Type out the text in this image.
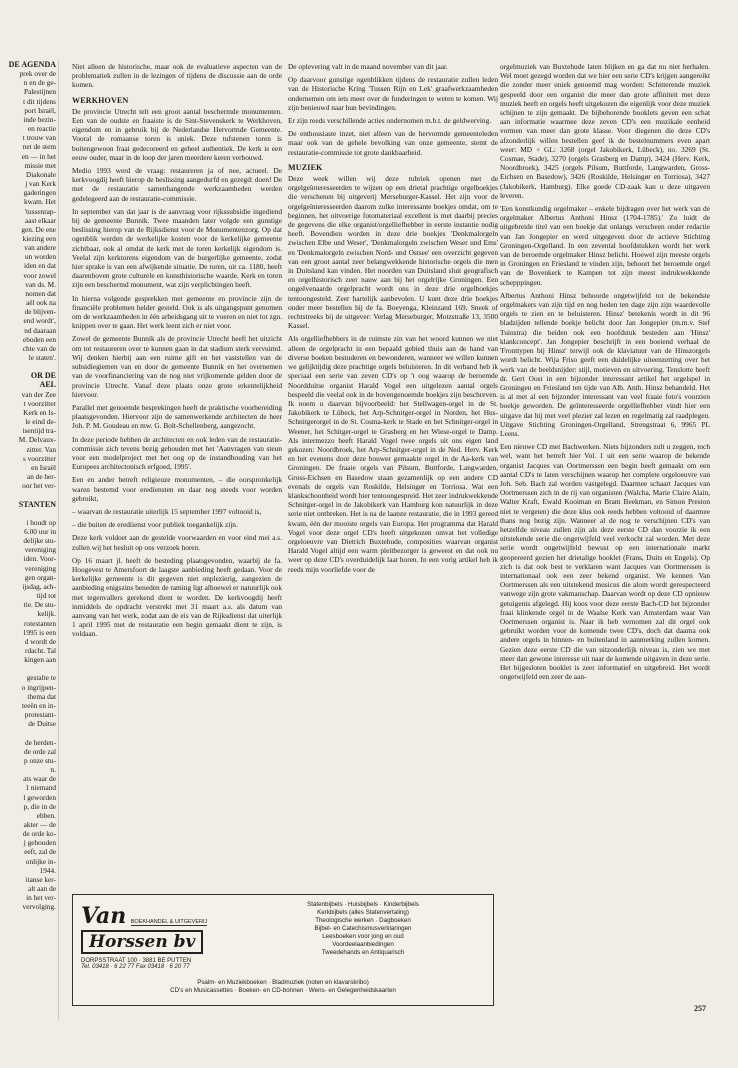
DE AGENDA
prek over de
n en de ge-
Palestijnen
t dit tijdens
port Israël,
inde bezin-
en reactie
t trouw van
net de stem
en — in het
missie met
Diakonale
j van Kerk
gaderingen
kwam. Het
'tussenrap-
aast elkaar
gen. De ene
kiezing een
van andere
un worden
iden en dat
voor zowel
van ds. M.
nomen dat
aël ook na
de blijven-
end wordt',
nd daaraan
eboden een
chte van de
le staten'.

OR DE
AEL
van der Zee
t voorzitter
Kerk en Is-
le eind de-
isentijd tra-
M. Delvaux-
zitter. Van
s voorzitter
en Israël
an de her-
oor het ver-

STANTEN

i houdt op
6.00 uur in
delijke stu-
vereniging
iden. Voor-
vereniging
gen organ-
ijsdag, ach-
tijd tot
tie. De stu-
kelijk.
rotestanten
1995 is een
d wordt de
rdacht. Tal
kingen aan

gestalte te
o ingrijpen-
thema dat
teeën en in-
protestant-
de Duitse

de herden-
de orde zal
p onze stu-
n.
ats waar de
1 niemand
l geworden
p, die in de
ebben.
akter — de
de orde ko-
j gehouden
eeft, zal de
onlijke in-
1944.
itanse ker-
alt aan de
in het ver-
vervolging.

Niet alleen de historische, maar ook de evaluatieve aspecten van de problematiek zullen in de lezingen of tijdens de discussie aan de orde komen.

WERKHOVEN

De provincie Utrecht telt een groot aantal beschermde monumenten. Een van de oudste en fraaiste is de Sint-Stevenskerk te Werkhoven, eigendom en in gebruik bij de Nederlandse Hervormde Gemeente. Vooral de romaanse toren is uniek. Deze tufstenen toren is buitengewoon fraai gedecoreerd en geheel authentiek. De kerk is een eeuw ouder, maar in de loop der jaren meerdere keren verbouwd.

Medio 1993 werd de vraag: restaureren ja of nee, actueel. De kerkvoogdij heeft hierop de beslissing aangedurfd en gezegd: doen! De met de restauratie samenhangende werkzaamheden werden gedelegeerd aan de restauratie-commissie.

In september van dat jaar is de aanvraag voor rijkssubsidie ingediend bij de gemeente Bunnik. Twee maanden later volgde een gunstige beslissing hierop van de Rijksdienst voor de Monumentenzorg. Op dat ogenblik werden de werkelijke kosten voor de kerkelijke gemeente zichtbaar, ook al omdat de kerk met de toren kerkelijk eigendom is. Veelal zijn kerktorens eigendom van de burgerlijke gemeente, zodat hier sprake is van een afwijkende situatie. De toren, uit ca. 1180, heeft daarenboven grote culturele en kunsthistorische waarde. Kerk en toren zijn een beschermd monument, wat zijn verplichtingen heeft.

In hierna volgende gesprekken met gemeente en provincie zijn de financiële problemen helder gesteld. Ook is als uitgangspunt genomen om de werkzaamheden in één arbeidsgang uit te voeren en niet tot zgn. knippen over te gaan. Het werk leent zich er niet voor.

Zowel de gemeente Bunnik als de provincie Utrecht heeft het uitzicht om tot restaureren over te kunnen gaan in dat stadium sterk vervuimd. Wij denken hierbij aan een ruime gift en het vaststellen van de subsidiegiemen van en door de gemeente Bunnik en het overnemen van de voorfinanciering van de nog niet vrijkomende gelden door de provincie Utrecht. Vanaf deze plaats onze grote erkentelijkheid hiervoor.

Parallel met genoemde besprekingen heeft de praktische voorbereiding plaatsgevonden. Hiervoor zijn de samenwerkende architecten de heer Joh. P. M. Goudeau en mw. G. Bolt-Schellenberg, aangezocht.

In deze periode hebben de architecten en ook leden van de restauratie-commissie zich tevens bezig gehouden met het 'Aanvragen van steun voor een modelproject met het oog op de instandhouding van het Europees architectonisch erfgoed, 1995'.

Een en ander betreft religieuze monumenten, – die oorspronkelijk waren bestemd voor erediensten en daar nog steeds voor worden gebruikt,

– waarvan de restauratie uiterlijk 15 september 1997 voltooid is,

– die buiten de erediienst voor publiek toegankelijk zijn.

Deze kerk voldoet aan de gestelde voorwaarden en voor eind mei a.s. zullen wij het besluit op ons verzoek horen.

Op 16 maart jl. heeft de besteding plaatsgevonden, waarbij de fa. Hoogevest te Amersfoort de laagste aanbieding heeft gedaan. Voor de kerkelijke gemeente is dit gegeven niet onplezierig, aangezien de aanbieding enigszins beneden de raming ligt alhoewel er natuurlijk ook met tegenvallers gerekend dient te worden. De kerkvoogdij heeft inmiddels de opdracht verstrekt met 31 maart a.s. als datum van aanvang van het werk, zodat aan de eis van de Rijksdienst dat uiterlijk 1 april 1995 met de restauratie een begin gemaakt dient te zijn, is voldaan.

De oplevering valt in de maand november van dit jaar.

Op daarvoor gunstige ogenblikken tijdens de restauratie zullen leden van de Historische Kring 'Tussen Rijn en Lek' graafwerkzaamheden ondernemen om iets meer over de funderingen te weten te komen. Wij zijn benieuwd naar hun bevindingen.

Er zijn reeds verschillende acties ondernomen m.b.t. de geldwerving.

De enthousiaste inzet, niet alleen van de hervormde gemeenteleden maar ook van de gehele bevolking van onze gemeente, stemt de restauratie-commissie tot grote dankbaarheid.

MUZIEK

Deze week willen wij deze rubriek openen met de orgelgeïnteresseerden te wijzen op een drietal prachtige orgelboekjes die verschenen bij uitgeverij Merseburger-Kassel. Het zijn voor de orgelgeïnteresseerden daarom zulke interessante boekjes omdat, om te beginnen, het uitvoerige fotomateriaal excellent is met daarbij precies de gegevens die elke organist/orgelliefhebber in eerste instantie nodig heeft. Bovendien worden in deze drie boekjes 'Denkmalorgeln zwischen Elbe und Weser', 'Denkmalorgeln zwischen Weser und Ems' en 'Denkmalorgeln zwischen Nord- und Ostsee' een overzicht gegeven van een groot aantal zeer belangwekkende historische orgels die men in Duitsland kan vinden. Het noorden van Duitsland sluit geografisch en orgelhistorisch zeer nauw aan bij het orgelrijke Groningen. Een ongeëvenaarde orgelpracht wordt ons in deze drie orgelboekjes tentoongesteld. Zeer hartelijk aanbevolen. U kunt deze drie boekjes onder meer bestellen bij de fa. Boeyenga, Kleinzand 169, Sneek of rechtstreeks bij de uitgever: Verlag Merseburger, Motzstraße 13, 3500 Kassel.

Als orgelliefhebbers in de ruimste zin van het woord kunnen we niet alleen de orgelpracht in een bepaald gebied thuis aan de hand van diverse boeken bestuderen en bewonderen, wanneer we willen kunnen we gelijktijdig deze prachtige orgels beluisteren. In dit verband heb ik speciaal een serie van zeven CD's op 't oog waarop de beroemde Noordduitse organist Harald Vogel een uitgelezen aantal orgels bespeeld die veelal ook in de bovengenoemde boekjes zijn beschreven. Ik noem u daarvan bijvoorbeeld: het Stellwagen-orgel in de St. Jakobikerk te Lübeck, het Arp-Schnitger-orgel in Norden, het Hus-Schnitgerorgel in de St. Cosma-kerk te Stade en het Schnitger-orgel in Weener, het Schitger-orgel te Grasberg en het Wiese-orgel te Damp. Als intermezzo heeft Harald Vogel twee orgels uit ons eigen land gekozen: Noordbroek, het Arp-Schnitger-orgel in de Ned. Herv. Kerk en het evenens door deze bouwer gemaakte orgel in de Aa-kerk van Groningen. De fraaie orgels van Pilsum, Buttforde, Langwarden, Gross-Eichsen en Basedow staan gezamenlijk op een andere CD evenals de orgels van Roskilde, Helsingør en Torriosa. Wat een klankschoonheid wordt hier tentoongespreid. Het zeer indrukwekkende Schnitger-orgel in de Jakobikerk van Hamburg kon natuurlijk in deze serie niet ontbreken. Het is na de laatste restauratie, die in 1993 gereed kwam, één der mooiste orgels van Europa. Het programma dat Harald Vogel voor deze orgel CD's heeft uitgekozen omvat het volledige orgeloeuvre van Dietrich Buxtehude, composities waarvan organist Harald Vogel altijd een warm pleitbezorger is geweest en dat ook nu weer op deze CD's overduidelijk laat horen. In een vorig artikel heb ik reeds mijn voorliefde voor de

orgelmuziek van Buxtehude laten blijken en ga dat nu niet herhalen. Wel moet gezegd worden dat we hier een serie CD's krijgen aangereikt die zonder meer uniek genoemd mag worden: Schitterende muziek gespeeld door een organist die meer dan grote affiniteit met deze muziek heeft en orgels heeft uitgekozen die eigenlijk voor deze muziek schijnen te zijn gemaakt. De bijbehorende booklets geven een schat aan informatie waarmee deze zeven CD's een muzikale eenheid vormen van meer dan grote klasse. Voor diegenen die deze CD's afzonderlijk willen bestellen geef ik de bestelnummers even apart weer: MD + GL: 3268 (orgel Jakobikerk, Lübeck), no. 3269 (St. Cosmae, Stade), 3270 (orgels Grasberg en Damp), 3424 (Herv. Kerk, Noordbroek), 3425 (orgels Pilsum, Buttforde, Langwarden, Gross-Eichsen en Basedow), 3426 (Roskilde, Helsingør en Torriosa), 3427 (Jakobikerk, Hamburg). Elke goede CD-zaak kan u deze uitgaven leveren.

'Een konstkundig orgelmaker – enkele bijdragen over het werk van de orgelmaker Albertus Anthoni Hinsz (1704-1785).' Zo luidt de uitgebreide titel van een boekje dat onlangs verscheen onder redactie van Jan Jongepier en werd uitgegeven door de actieve Stichting Groningen-Orgelland. In een zevental hoofdstukken wordt het werk van de beroemde orgelmaker Hinsz belicht. Hoewel zijn meeste orgels in Groningen en Friesland te vinden zijn, behoort het beroemde orgel van de Bovenkerk te Kampen tot zijn meest indrukwekkende schepppingen.

Albertus Anthoni Hinsz behoorde ongetwijfeld tot de bekendste orgelmakers van zijn tijd en nog heden ten dage zijn zijn waardevolle orgels te zien en te beluisteren. Hinsz' betekenis wordt in dit 96 bladzijden tellende boekje belicht door Jan Jongepier (m.m.v. Stef Tuinstra) die beiden ook een hoofdstuk besteden aan 'Hinsz' klankconcept'. Jan Jongepier beschrijft in een boeiend verhaal de 'Fronttypen bij Hinsz' terwijl ook de klaviatuur van de Hinszorgels wordt belicht. Wija Friso geeft een duidelijke uiteenzetting over het werk van de beeldsnijder: stijl, motieven en uitvoering. Tenslotte heeft dr. Gert Oost in een bijzonder interessant artikel het orgelspel in Groningen en Friesland ten tijde van Alb. Anth. Hinsz behandeld. Het is al met al een bijzonder interessant van veel fraaie foto's voorzien boekje geworden. De geïnteresseerde orgelliefhebber vindt hier een uitgave dat hij met veel plezier zal lezen en regelmatig zal raadplegen. Uitgave Stichting Groningen-Orgelland, Strengstraat 6, 9965 PL Leens.

Een nieuwe CD met Bachwerken. Niets bijzonders zult u zeggen, toch wel, want het betreft hier Vol. 1 uit een serie waarop de bekende organist Jacques van Oortmerssen een begin heeft gemaakt om een aantal CD's te laten verschijnen waarop het complete orgeloeuvre van Joh. Seb. Bach zal worden vastgelegd. Daarmee schaart Jacques van Oortmerssen zich in de rij van organisten (Walcha, Marie Claire Alain, Walter Kraft, Ewald Kooiman en Bram Beekman, en Simon Preston niet te vergeten) die deze klus ook reeds hebben voltooid of daarmee thans nog bezig zijn. Wanneer al de nog te verschijnen CD's van hetzelfde niveau zullen zijn als deze eerste CD dan voorzie ik een uitstekende serie die ongetwijfeld veel verkocht zal worden. Met deze serie wordt ongetwijfeld bewust op een internationale markt geopereerd gezien het drietalige booklet (Frans, Duits en Engels). Op zich is dat ook best te verklaren want Jacques van Oortmerssen is internationaal ook een zeer bekend organist. We kennen Van Oortmerssen als een uitstekend musicus die alom wordt gerespecteerd vanwege zijn grote vakmanschap. Daarvan wordt op deze CD opnieuw getuigenis afgelegd. Hij koos voor deze eerste Bach-CD het bijzonder fraai klinkende orgel in de Waalse Kerk van Amsterdam waar Van Oortmerssen organist is. Naar ik heb vernomen zal dit orgel ook gebruikt worden voor de komende twee CD's, doch dat daarna ook andere orgels in binnen- en buitenland in aanmerking zullen komen. Gezien deze eerste CD die van uitzonderlijk niveau is, zien we met meer dan gewone interesse uit naar de komende uitgaven in deze serie. Het bijgesloten booklet is zeer informatief en uitgebreid. Het wordt ongetwijfeld een zeer de aan-

Van BOEKHANDEL & UITGEVERIJ
Horssen bv
DORPSSTRAAT 100 · 3881 BE PUTTEN
Tel. 03418 · 6 22 77 Fax 03418 · 6 20 77
Statenbijbels · Huisbijbels · Kinderbijbels
Kerkbijbels (alles Statenvertaling)
Theologische werken · Dagboeken
Bijbel- en Catechismusverklaringen
Leesboeken voor jong en oud
Voordeelaanbiedingen
Tweedehands en Antiquarisch
Psalm- en Muziekboeken · Bladmuziek (noten en klavarskribo)
CD's en Musicassettes · Boeken- en CD-bonnen · Wens- en Gelegenheidskaarten
257
